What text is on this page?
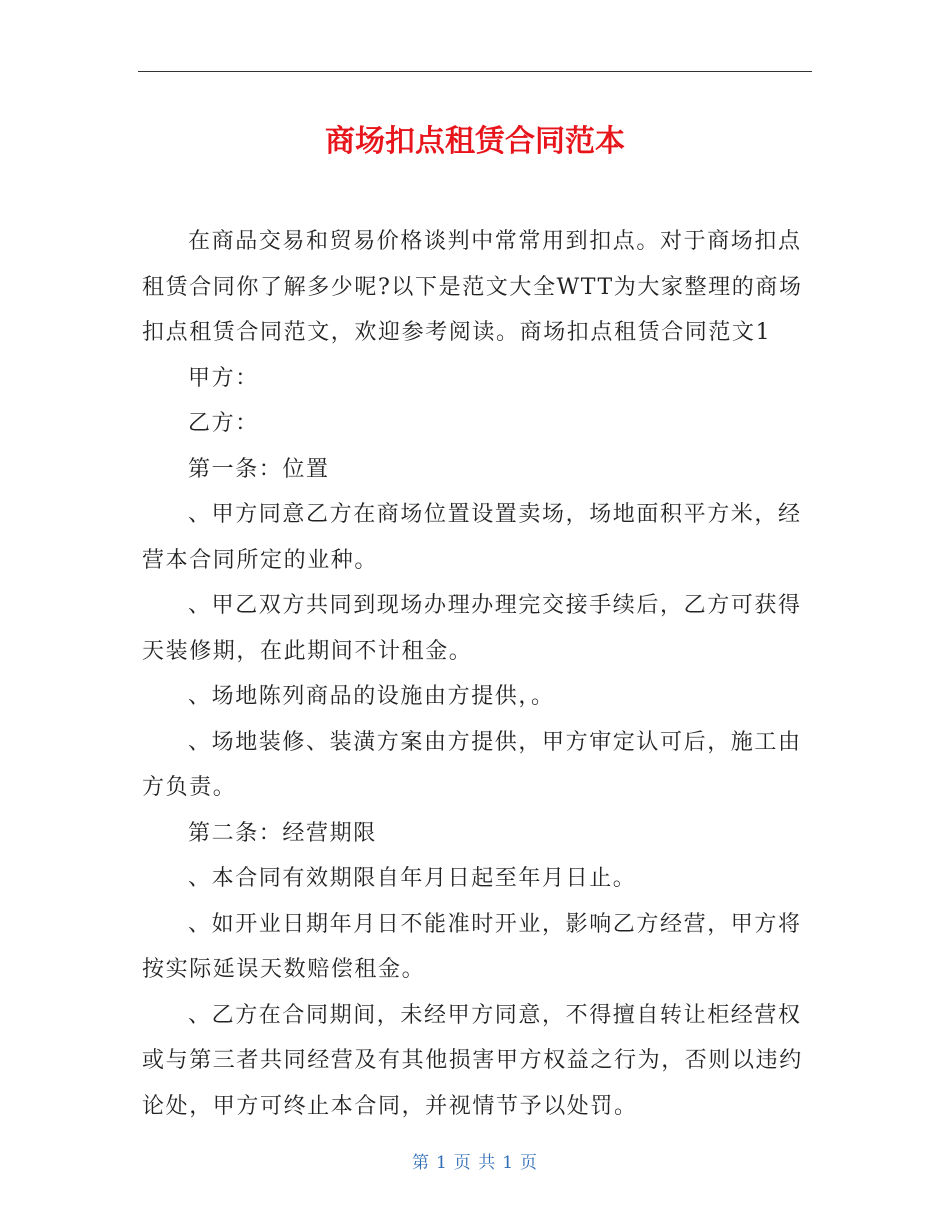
商场扣点租赁合同范本

在商品交易和贸易价格谈判中常常用到扣点。对于商场扣点租赁合同你了解多少呢?以下是范文大全WTT为大家整理的商场扣点租赁合同范文，欢迎参考阅读。商场扣点租赁合同范文1

甲方：

乙方：

第一条：位置

、甲方同意乙方在商场位置设置卖场，场地面积平方米，经营本合同所定的业种。

、甲乙双方共同到现场办理办理完交接手续后，乙方可获得天装修期，在此期间不计租金。

、场地陈列商品的设施由方提供，。

、场地装修、装潢方案由方提供，甲方审定认可后，施工由方负责。

第二条：经营期限

、本合同有效期限自年月日起至年月日止。

、如开业日期年月日不能准时开业，影响乙方经营，甲方将按实际延误天数赔偿租金。

、乙方在合同期间，未经甲方同意，不得擅自转让柜经营权或与第三者共同经营及有其他损害甲方权益之行为，否则以违约论处，甲方可终止本合同，并视情节予以处罚。

第 1 页 共 1 页
